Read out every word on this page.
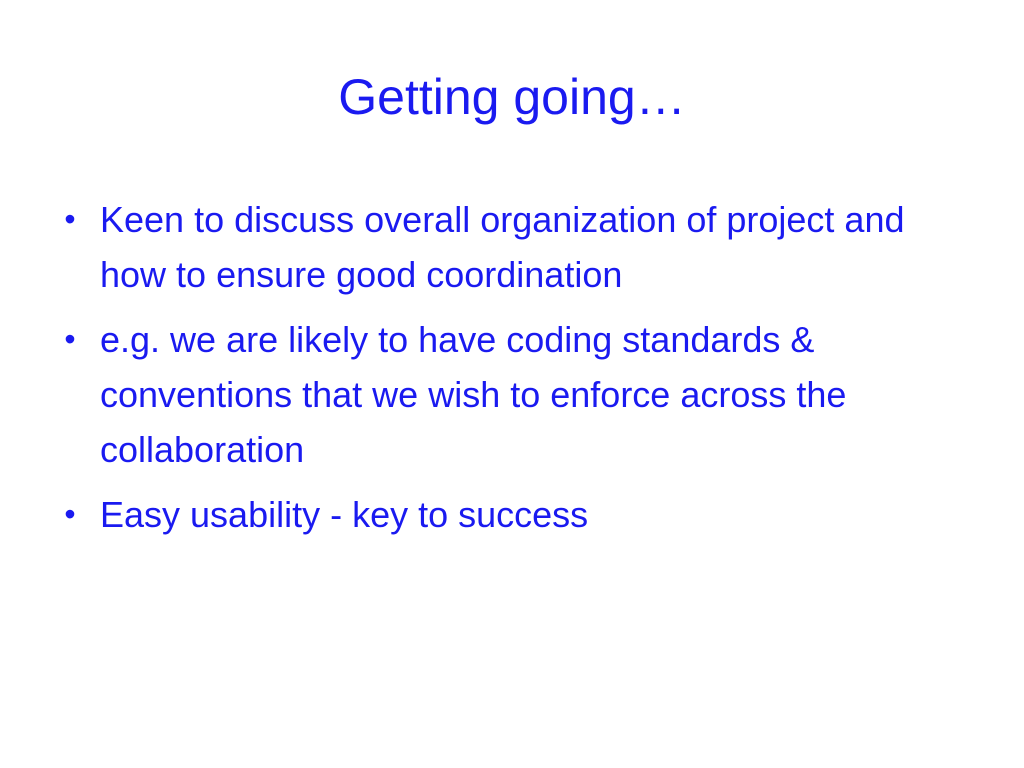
Getting going…
• Keen to discuss overall organization of project and how to ensure good coordination
• e.g. we are likely to have coding standards & conventions that we wish to enforce across the collaboration
• Easy usability - key to success
